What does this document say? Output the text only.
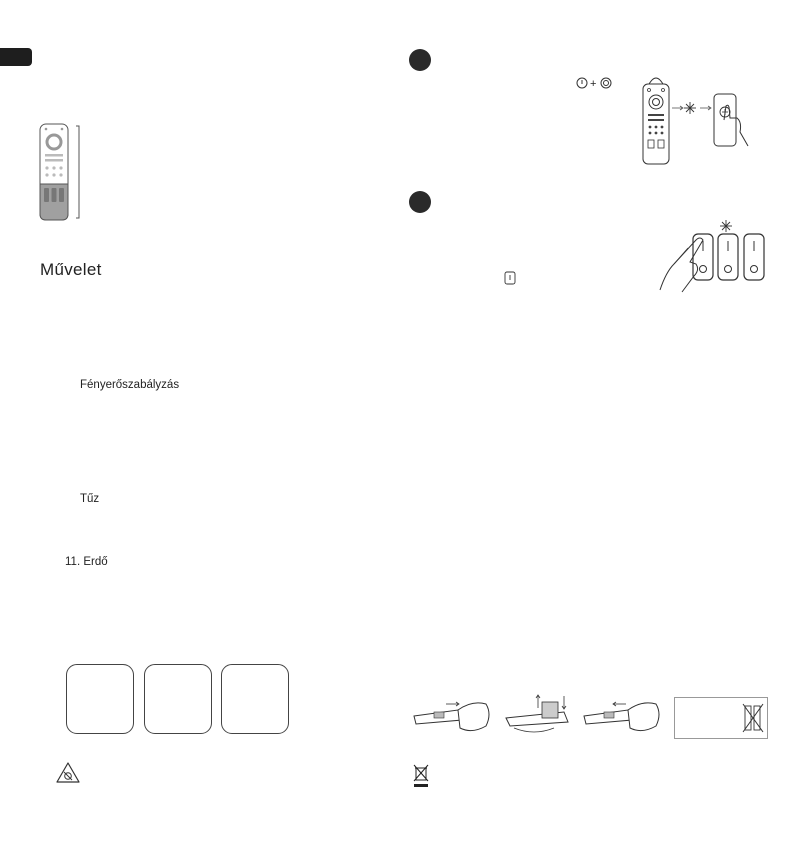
Művelet
Fényerőszabályzás
Tűz
11. Erdő
+
